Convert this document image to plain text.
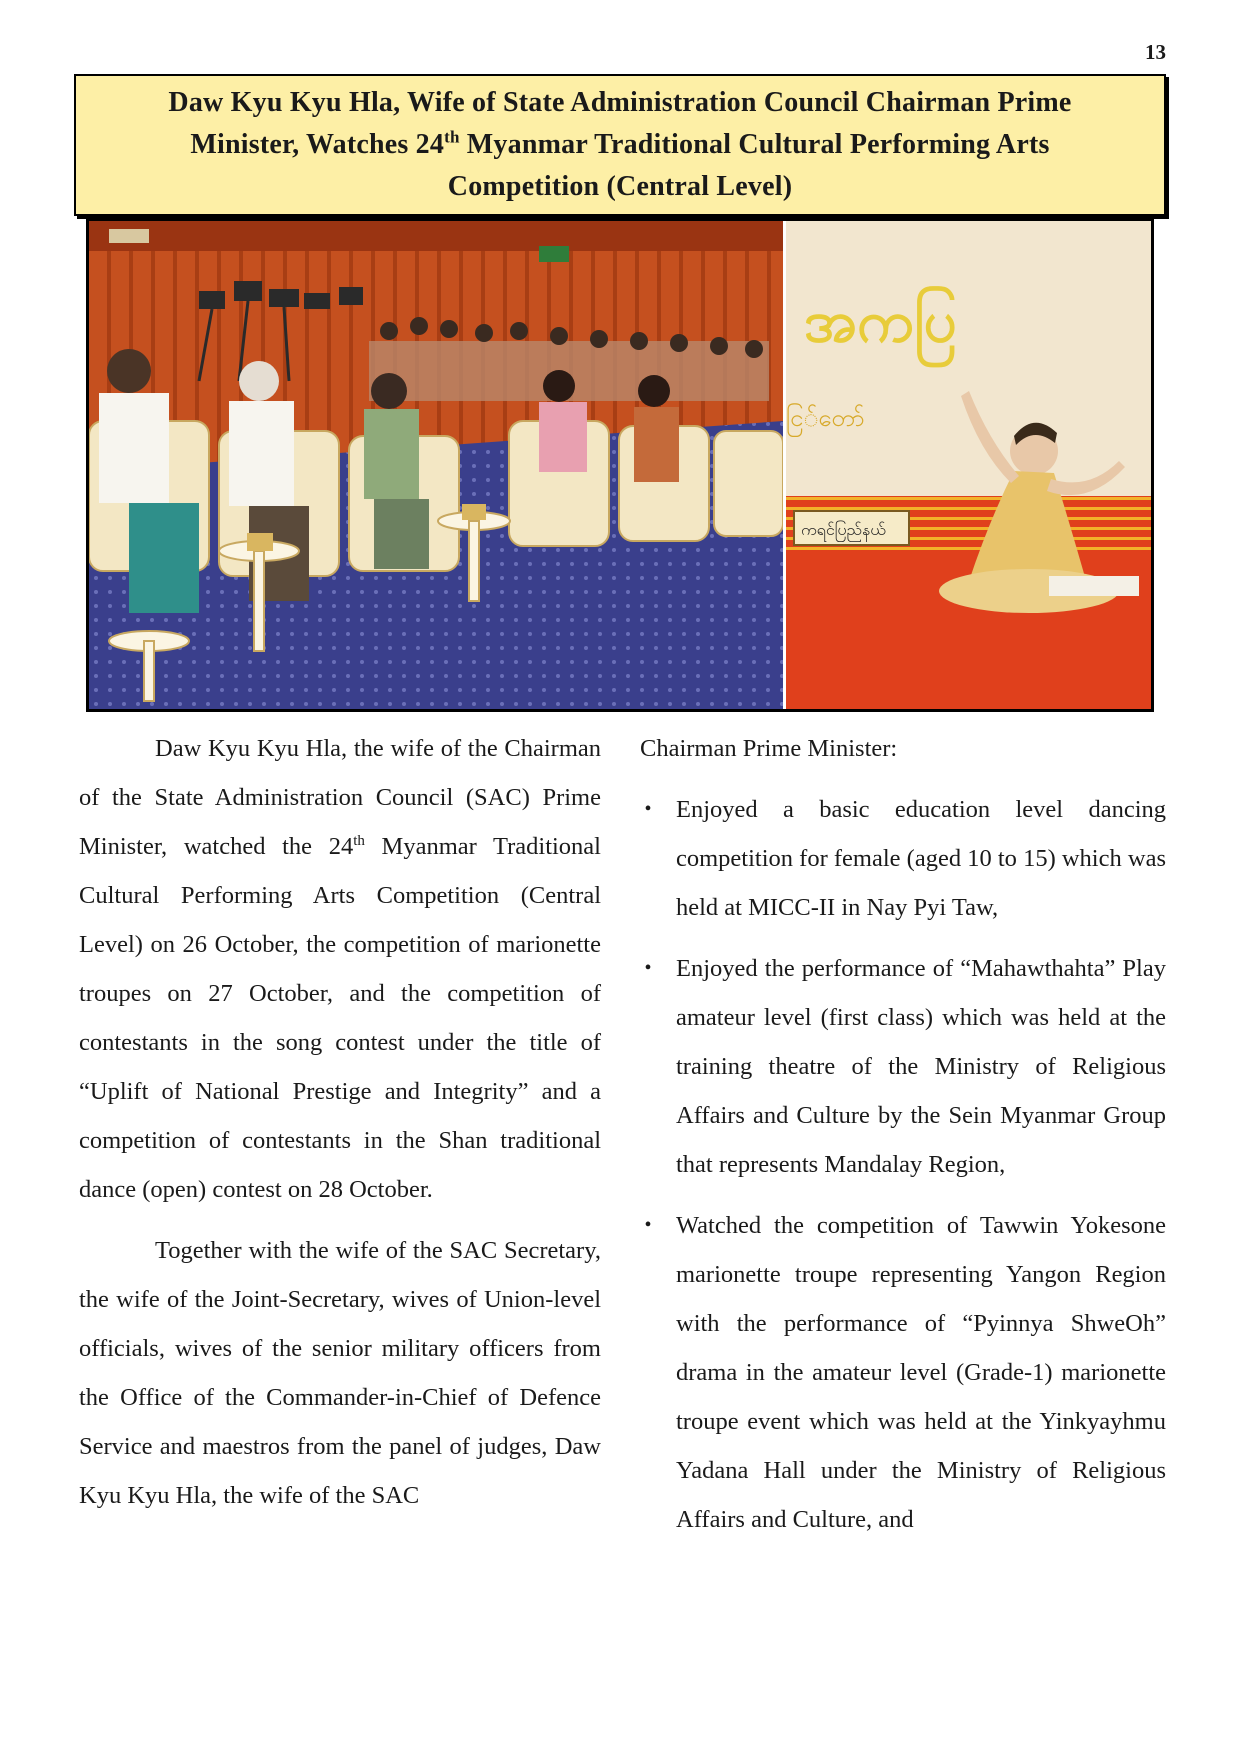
13
Daw Kyu Kyu Hla, Wife of State Administration Council Chairman Prime Minister, Watches 24th Myanmar Traditional Cultural Performing Arts Competition (Central Level)
အကပြ
ငြ်တော်
ကရင်ပြည်နယ်

Daw Kyu Kyu Hla, the wife of the Chairman of the State Administration Council (SAC) Prime Minister, watched the 24th Myanmar Traditional Cultural Performing Arts Competition (Central Level) on 26 October, the competition of marionette troupes on 27 October, and the competition of contestants in the song contest under the title of “Uplift of National Prestige and Integrity” and a competition of contestants in the Shan traditional dance (open) contest on 28 October.

Together with the wife of the SAC Secretary, the wife of the Joint-Secretary, wives of Union-level officials, wives of the senior military officers from the Office of the Commander-in-Chief of Defence Service and maestros from the panel of judges, Daw Kyu Kyu Hla, the wife of the SAC

Chairman Prime Minister:

• Enjoyed a basic education level dancing competition for female (aged 10 to 15) which was held at MICC-II in Nay Pyi Taw,
• Enjoyed the performance of “Mahawthahta” Play amateur level (first class) which was held at the training theatre of the Ministry of Religious Affairs and Culture by the Sein Myanmar Group that represents Mandalay Region,
• Watched the competition of Tawwin Yokesone marionette troupe representing Yangon Region with the performance of “Pyinnya ShweOh” drama in the amateur level (Grade-1) marionette troupe event which was held at the Yinkyayhmu Yadana Hall under the Ministry of Religious Affairs and Culture, and
